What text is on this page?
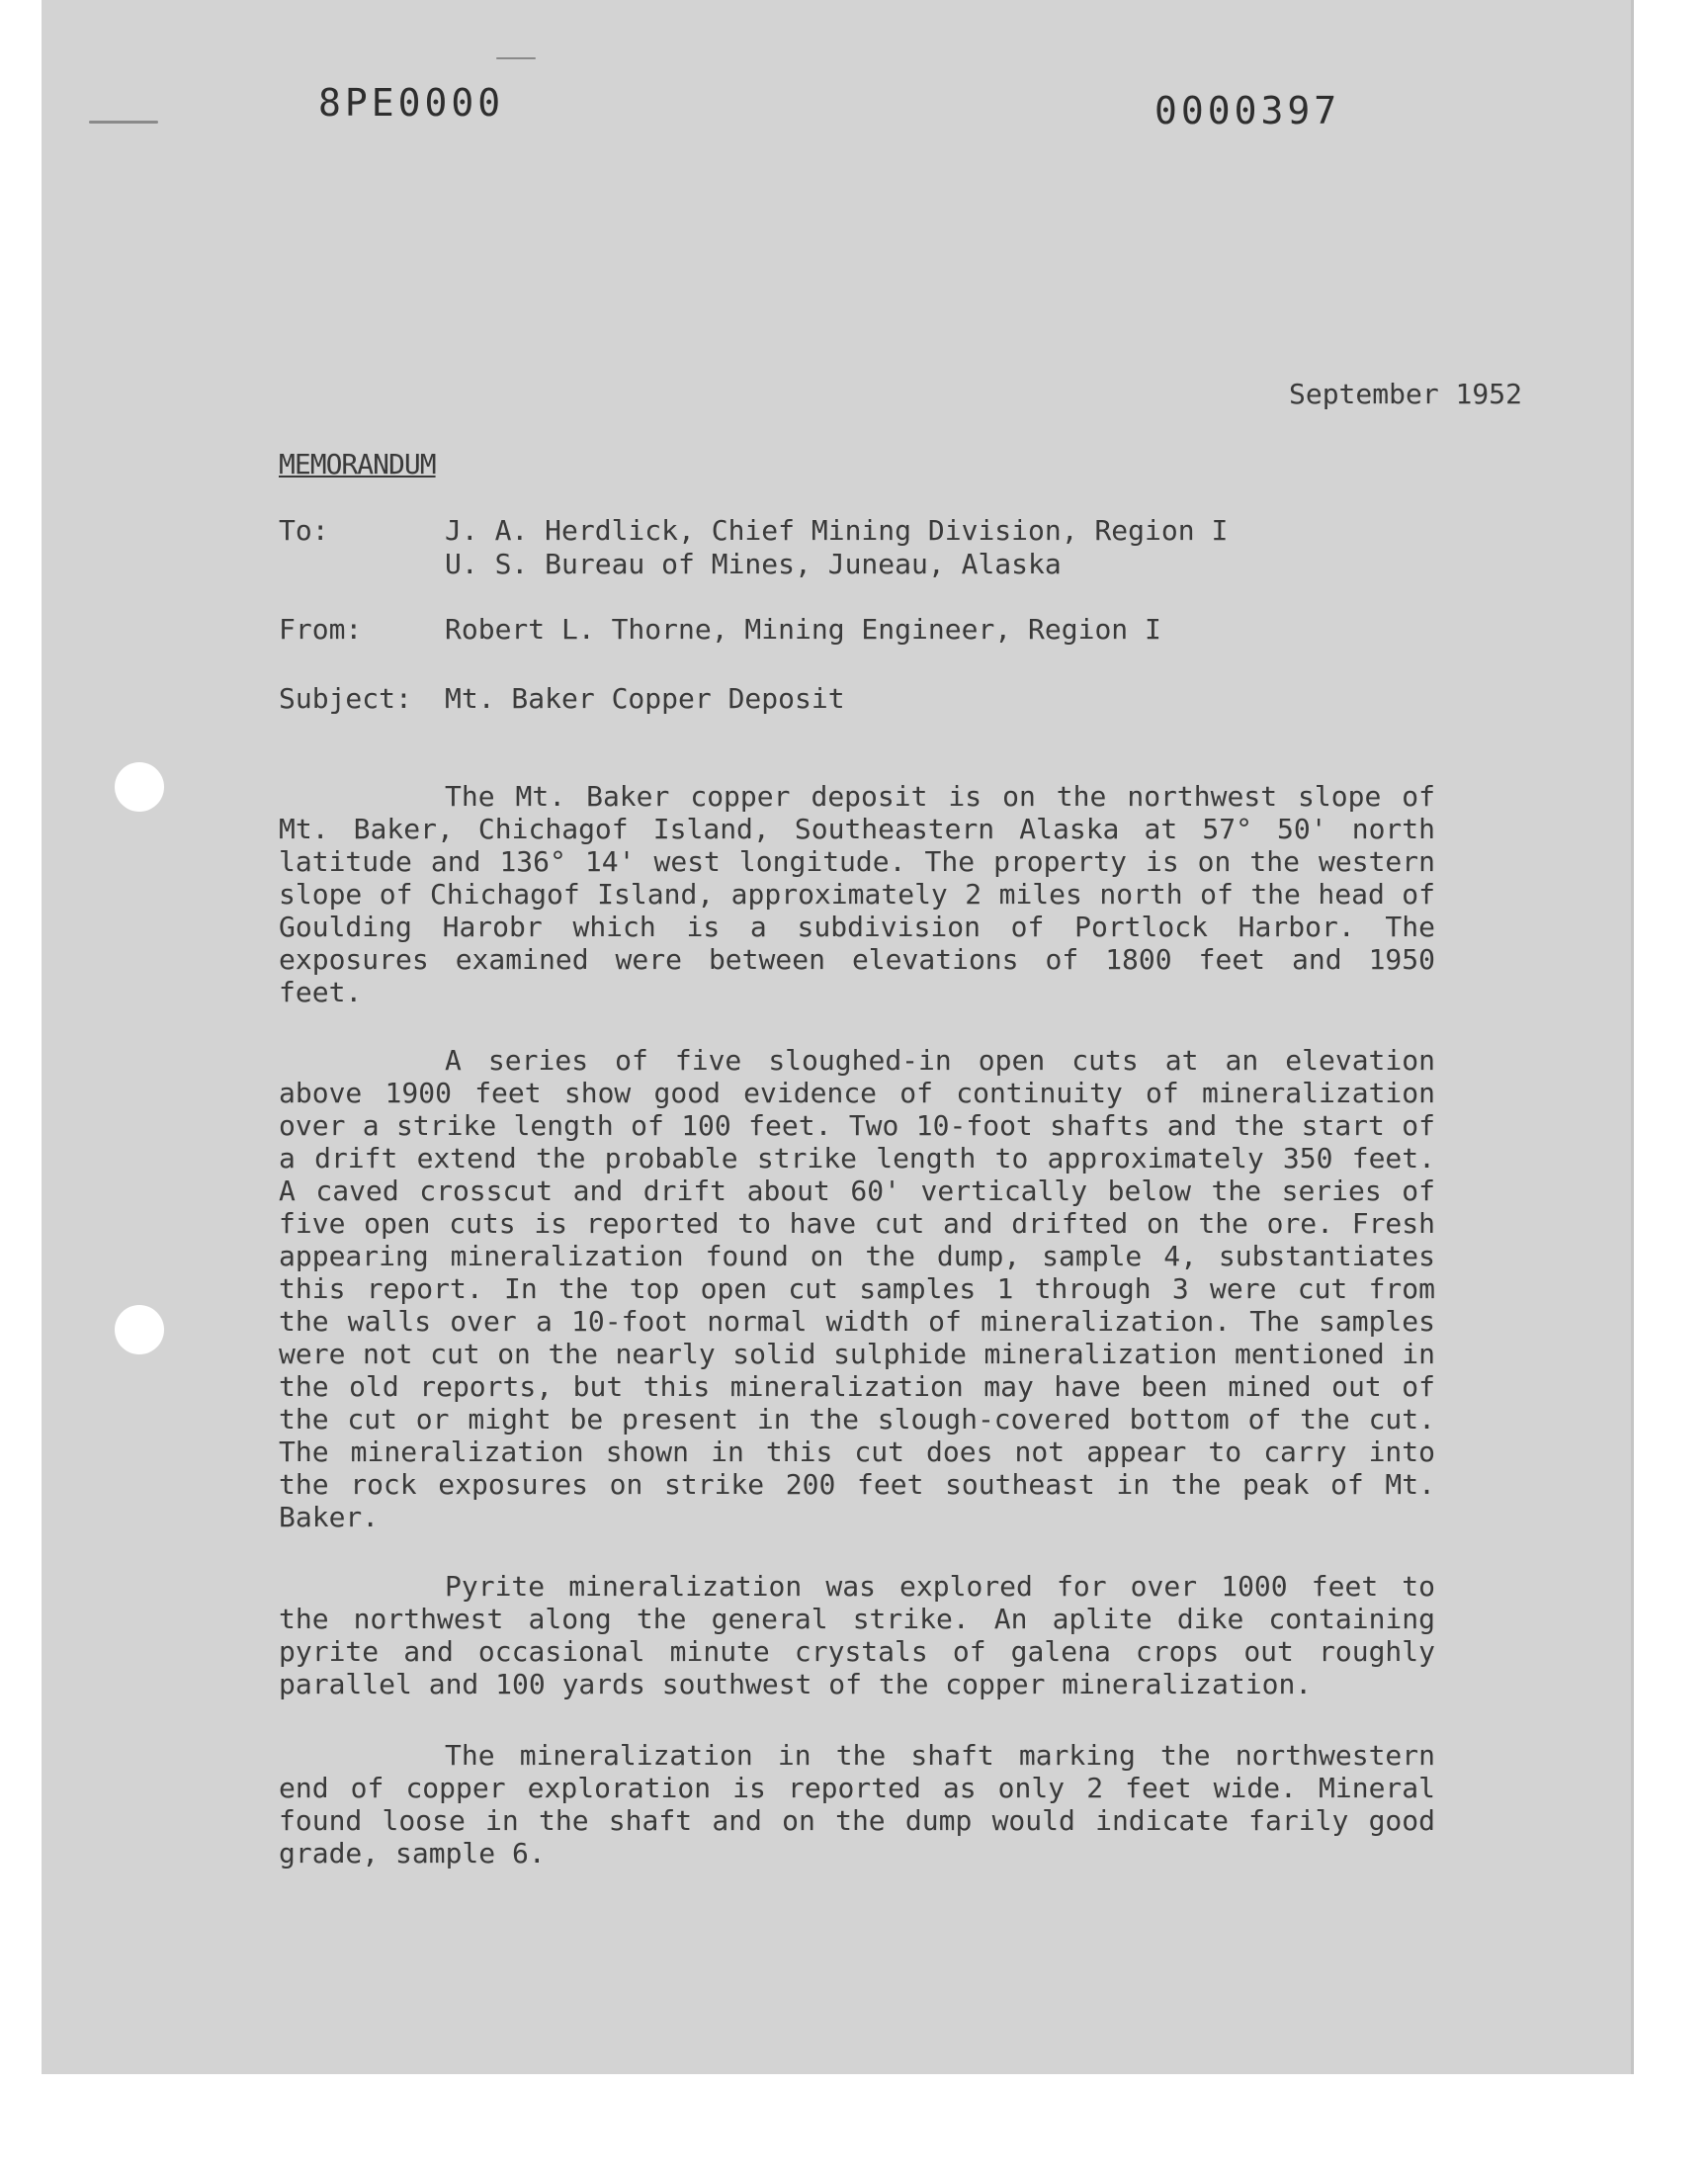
8PE0000	0000397
September 1952
MEMORANDUM
To:	J. A. Herdlick, Chief Mining Division, Region I
U. S. Bureau of Mines, Juneau, Alaska
From:	Robert L. Thorne, Mining Engineer, Region I
Subject: Mt. Baker Copper Deposit

The Mt. Baker copper deposit is on the northwest slope of Mt. Baker, Chichagof Island, Southeastern Alaska at 57° 50' north latitude and 136° 14' west longitude. The property is on the western slope of Chichagof Island, approximately 2 miles north of the head of Goulding Harobr which is a subdivision of Portlock Harbor. The exposures examined were between elevations of 1800 feet and 1950 feet.

A series of five sloughed-in open cuts at an elevation above 1900 feet show good evidence of continuity of mineralization over a strike length of 100 feet. Two 10-foot shafts and the start of a drift extend the probable strike length to approximately 350 feet. A caved crosscut and drift about 60' vertically below the series of five open cuts is reported to have cut and drifted on the ore. Fresh appearing mineralization found on the dump, sample 4, substantiates this report. In the top open cut samples 1 through 3 were cut from the walls over a 10-foot normal width of mineralization. The samples were not cut on the nearly solid sulphide mineralization mentioned in the old reports, but this mineralization may have been mined out of the cut or might be present in the slough-covered bottom of the cut. The mineralization shown in this cut does not appear to carry into the rock exposures on strike 200 feet southeast in the peak of Mt. Baker.

Pyrite mineralization was explored for over 1000 feet to the northwest along the general strike. An aplite dike containing pyrite and occasional minute crystals of galena crops out roughly parallel and 100 yards southwest of the copper mineralization.

The mineralization in the shaft marking the northwestern end of copper exploration is reported as only 2 feet wide. Mineral found loose in the shaft and on the dump would indicate farily good grade, sample 6.
